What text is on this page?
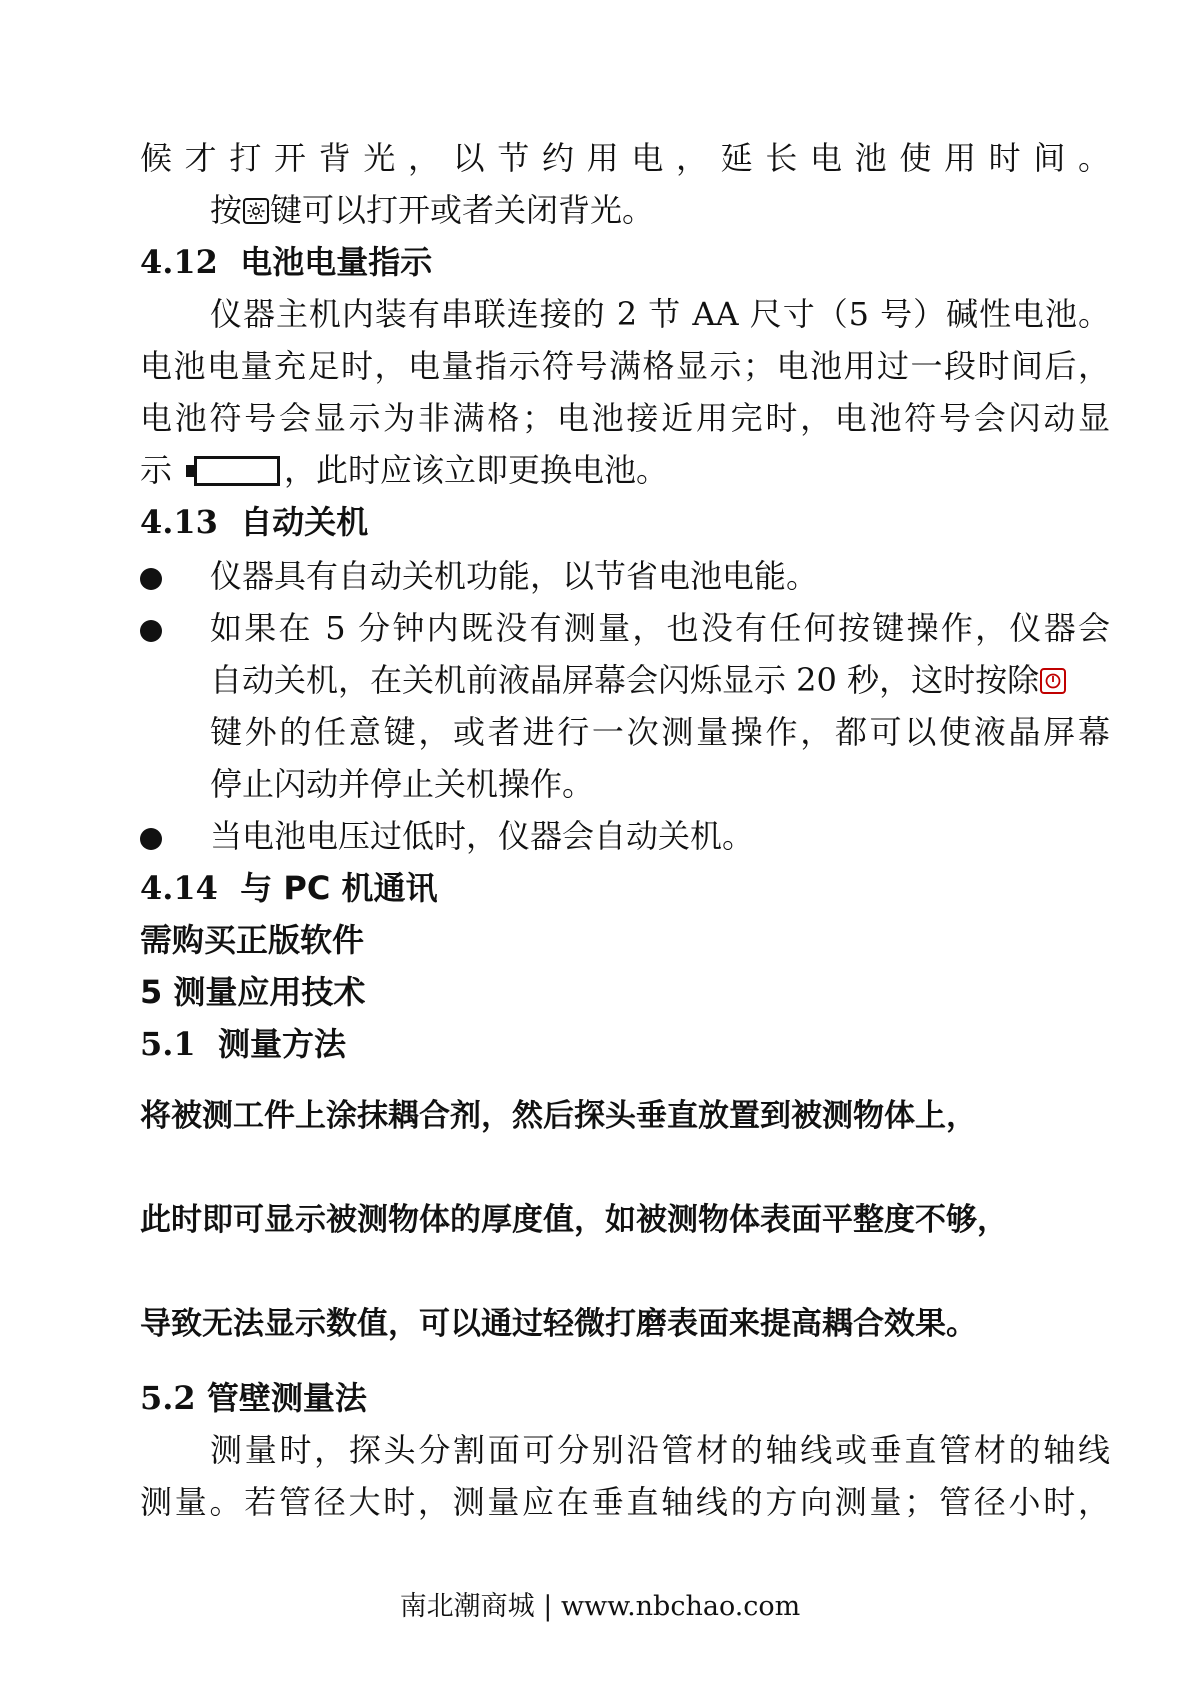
候才打开背光，以节约用电，延长电池使用时间。
按 键可以打开或者关闭背光。
4.12 电池电量指示
仪器主机内装有串联连接的 2 节 AA 尺寸（5 号）碱性电池。
电池电量充足时，电量指示符号满格显示；电池用过一段时间后，
电池符号会显示为非满格；电池接近用完时，电池符号会闪动显
示	，此时应该立即更换电池。
4.13 自动关机
仪器具有自动关机功能，以节省电池电能。
如果在 5 分钟内既没有测量，也没有任何按键操作，仪器会
自动关机，在关机前液晶屏幕会闪烁显示 20 秒，这时按除
键外的任意键，或者进行一次测量操作，都可以使液晶屏幕
停止闪动并停止关机操作。
当电池电压过低时，仪器会自动关机。
4.14 与 PC 机通讯
需购买正版软件
5 测量应用技术
5.1 测量方法
将被测工件上涂抹耦合剂，然后探头垂直放置到被测物体上，
此时即可显示被测物体的厚度值，如被测物体表面平整度不够，
导致无法显示数值，可以通过轻微打磨表面来提高耦合效果。
5.2 管壁测量法
测量时，探头分割面可分别沿管材的轴线或垂直管材的轴线
测量。若管径大时，测量应在垂直轴线的方向测量；管径小时，
南北潮商城 | www.nbchao.com
